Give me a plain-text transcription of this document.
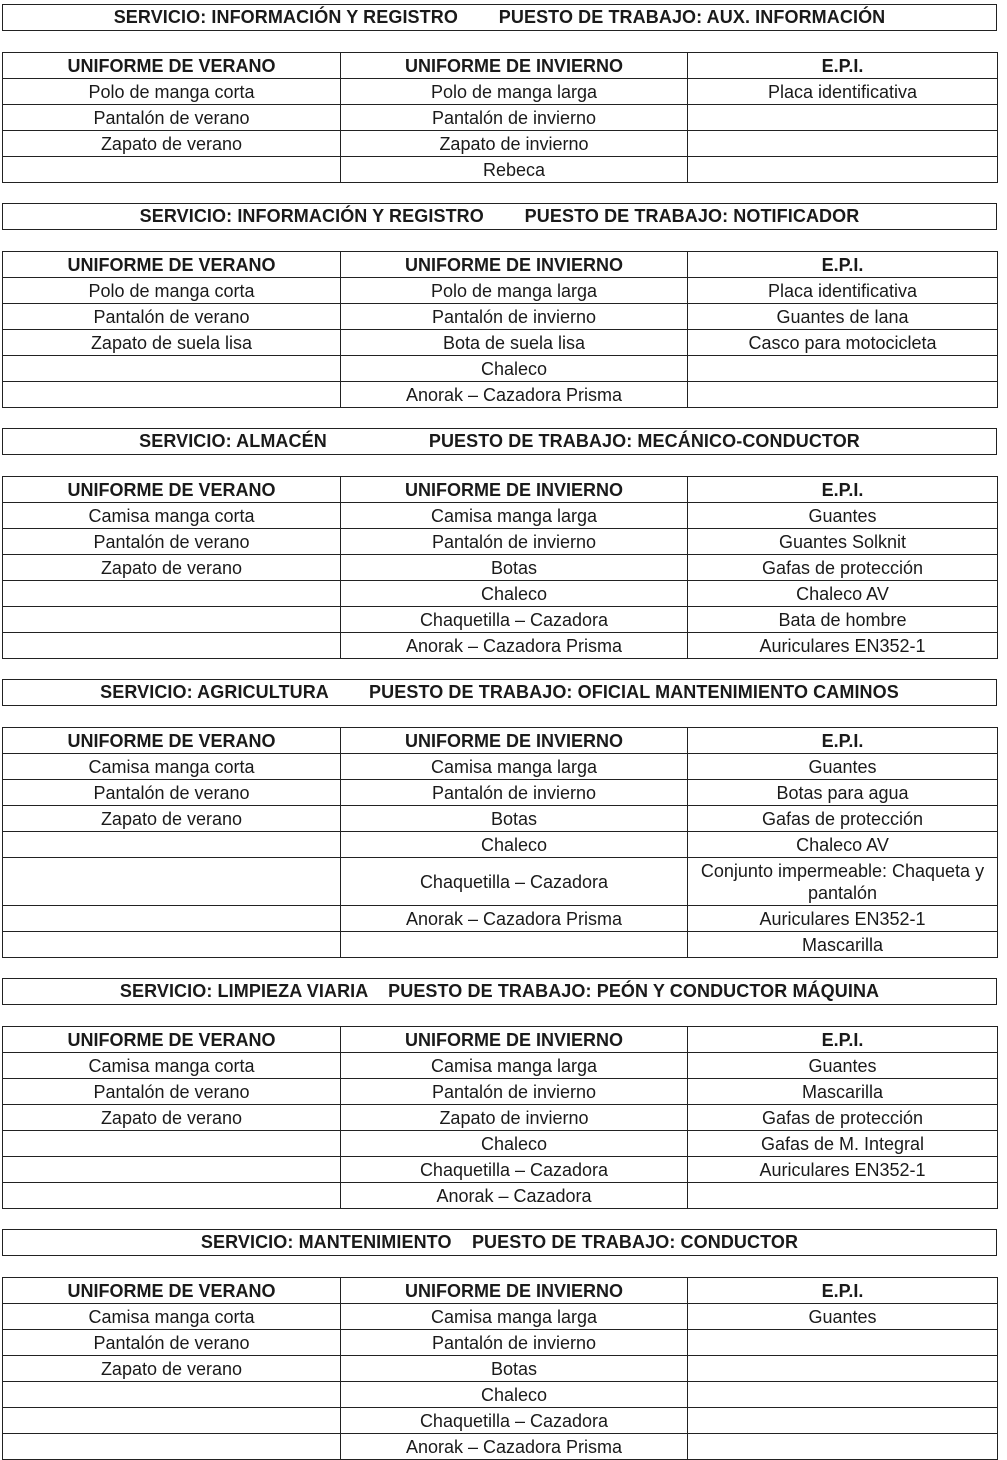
SERVICIO: INFORMACIÓN Y REGISTRO        PUESTO DE TRABAJO: AUX. INFORMACIÓN
UNIFORME DE VERANO	UNIFORME DE INVIERNO	E.P.I.
Polo de manga corta	Polo de manga larga	Placa identificativa
Pantalón de verano	Pantalón de invierno	
Zapato de verano	Zapato de invierno	
	Rebeca	
SERVICIO: INFORMACIÓN Y REGISTRO        PUESTO DE TRABAJO: NOTIFICADOR
UNIFORME DE VERANO	UNIFORME DE INVIERNO	E.P.I.
Polo de manga corta	Polo de manga larga	Placa identificativa
Pantalón de verano	Pantalón de invierno	Guantes de lana
Zapato de suela lisa	Bota de suela lisa	Casco para motocicleta
	Chaleco	
	Anorak – Cazadora Prisma	
SERVICIO: ALMACÉN                    PUESTO DE TRABAJO: MECÁNICO-CONDUCTOR
UNIFORME DE VERANO	UNIFORME DE INVIERNO	E.P.I.
Camisa manga corta	Camisa manga larga	Guantes
Pantalón de verano	Pantalón de invierno	Guantes Solknit
Zapato de verano	Botas	Gafas de protección
	Chaleco	Chaleco AV
	Chaquetilla – Cazadora	Bata de hombre
	Anorak – Cazadora Prisma	Auriculares EN352-1
SERVICIO: AGRICULTURA        PUESTO DE TRABAJO: OFICIAL MANTENIMIENTO CAMINOS
UNIFORME DE VERANO	UNIFORME DE INVIERNO	E.P.I.
Camisa manga corta	Camisa manga larga	Guantes
Pantalón de verano	Pantalón de invierno	Botas para agua
Zapato de verano	Botas	Gafas de protección
	Chaleco	Chaleco AV
	Chaquetilla – Cazadora	Conjunto impermeable: Chaqueta y pantalón
	Anorak – Cazadora Prisma	Auriculares EN352-1
		Mascarilla
SERVICIO: LIMPIEZA VIARIA    PUESTO DE TRABAJO: PEÓN Y CONDUCTOR MÁQUINA
UNIFORME DE VERANO	UNIFORME DE INVIERNO	E.P.I.
Camisa manga corta	Camisa manga larga	Guantes
Pantalón de verano	Pantalón de invierno	Mascarilla
Zapato de verano	Zapato de invierno	Gafas de protección
	Chaleco	Gafas de M. Integral
	Chaquetilla – Cazadora	Auriculares EN352-1
	Anorak – Cazadora	
SERVICIO: MANTENIMIENTO    PUESTO DE TRABAJO: CONDUCTOR
UNIFORME DE VERANO	UNIFORME DE INVIERNO	E.P.I.
Camisa manga corta	Camisa manga larga	Guantes
Pantalón de verano	Pantalón de invierno	
Zapato de verano	Botas	
	Chaleco	
	Chaquetilla – Cazadora	
	Anorak – Cazadora Prisma	
